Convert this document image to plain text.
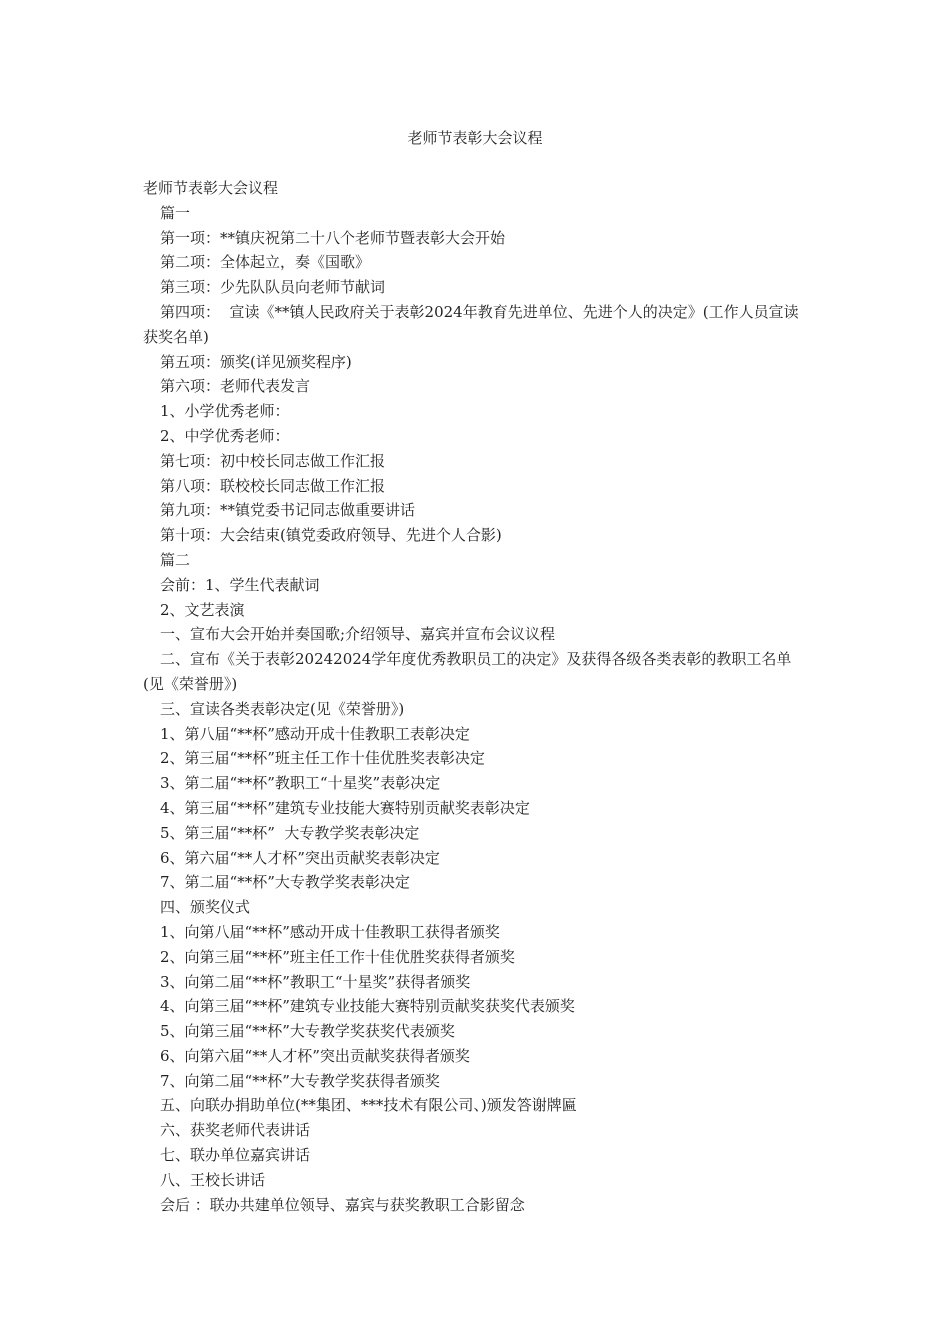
老师节表彰大会议程

老师节表彰大会议程

篇一

第一项：**镇庆祝第二十八个老师节暨表彰大会开始

第二项：全体起立，奏《国歌》

第三项：少先队队员向老师节献词

第四项：  宣读《**镇人民政府关于表彰2024年教育先进单位、先进个人的决定》(工作人员宣读获奖名单)

第五项：颁奖(详见颁奖程序)

第六项：老师代表发言

1、小学优秀老师：

2、中学优秀老师：

第七项：初中校长同志做工作汇报

第八项：联校校长同志做工作汇报

第九项：**镇党委书记同志做重要讲话

第十项：大会结束(镇党委政府领导、先进个人合影)

篇二

会前：1、学生代表献词

2、文艺表演

一、宣布大会开始并奏国歌;介绍领导、嘉宾并宣布会议议程

二、宣布《关于表彰20242024学年度优秀教职员工的决定》及获得各级各类表彰的教职工名单(见《荣誉册》)

三、宣读各类表彰决定(见《荣誉册》)

1、第八届“**杯”感动开成十佳教职工表彰决定

2、第三届“**杯”班主任工作十佳优胜奖表彰决定

3、第二届“**杯”教职工“十星奖”表彰决定

4、第三届“**杯”建筑专业技能大赛特别贡献奖表彰决定

5、第三届“**杯”  大专教学奖表彰决定

6、第六届“**人才杯”突出贡献奖表彰决定

7、第二届“**杯”大专教学奖表彰决定

四、颁奖仪式

1、向第八届“**杯”感动开成十佳教职工获得者颁奖

2、向第三届“**杯”班主任工作十佳优胜奖获得者颁奖

3、向第二届“**杯”教职工“十星奖”获得者颁奖

4、向第三届“**杯”建筑专业技能大赛特别贡献奖获奖代表颁奖

5、向第三届“**杯”大专教学奖获奖代表颁奖

6、向第六届“**人才杯”突出贡献奖获得者颁奖

7、向第二届“**杯”大专教学奖获得者颁奖

五、向联办捐助单位(**集团、***技术有限公司、)颁发答谢牌匾

六、获奖老师代表讲话

七、联办单位嘉宾讲话

八、王校长讲话

会后 ：联办共建单位领导、嘉宾与获奖教职工合影留念
